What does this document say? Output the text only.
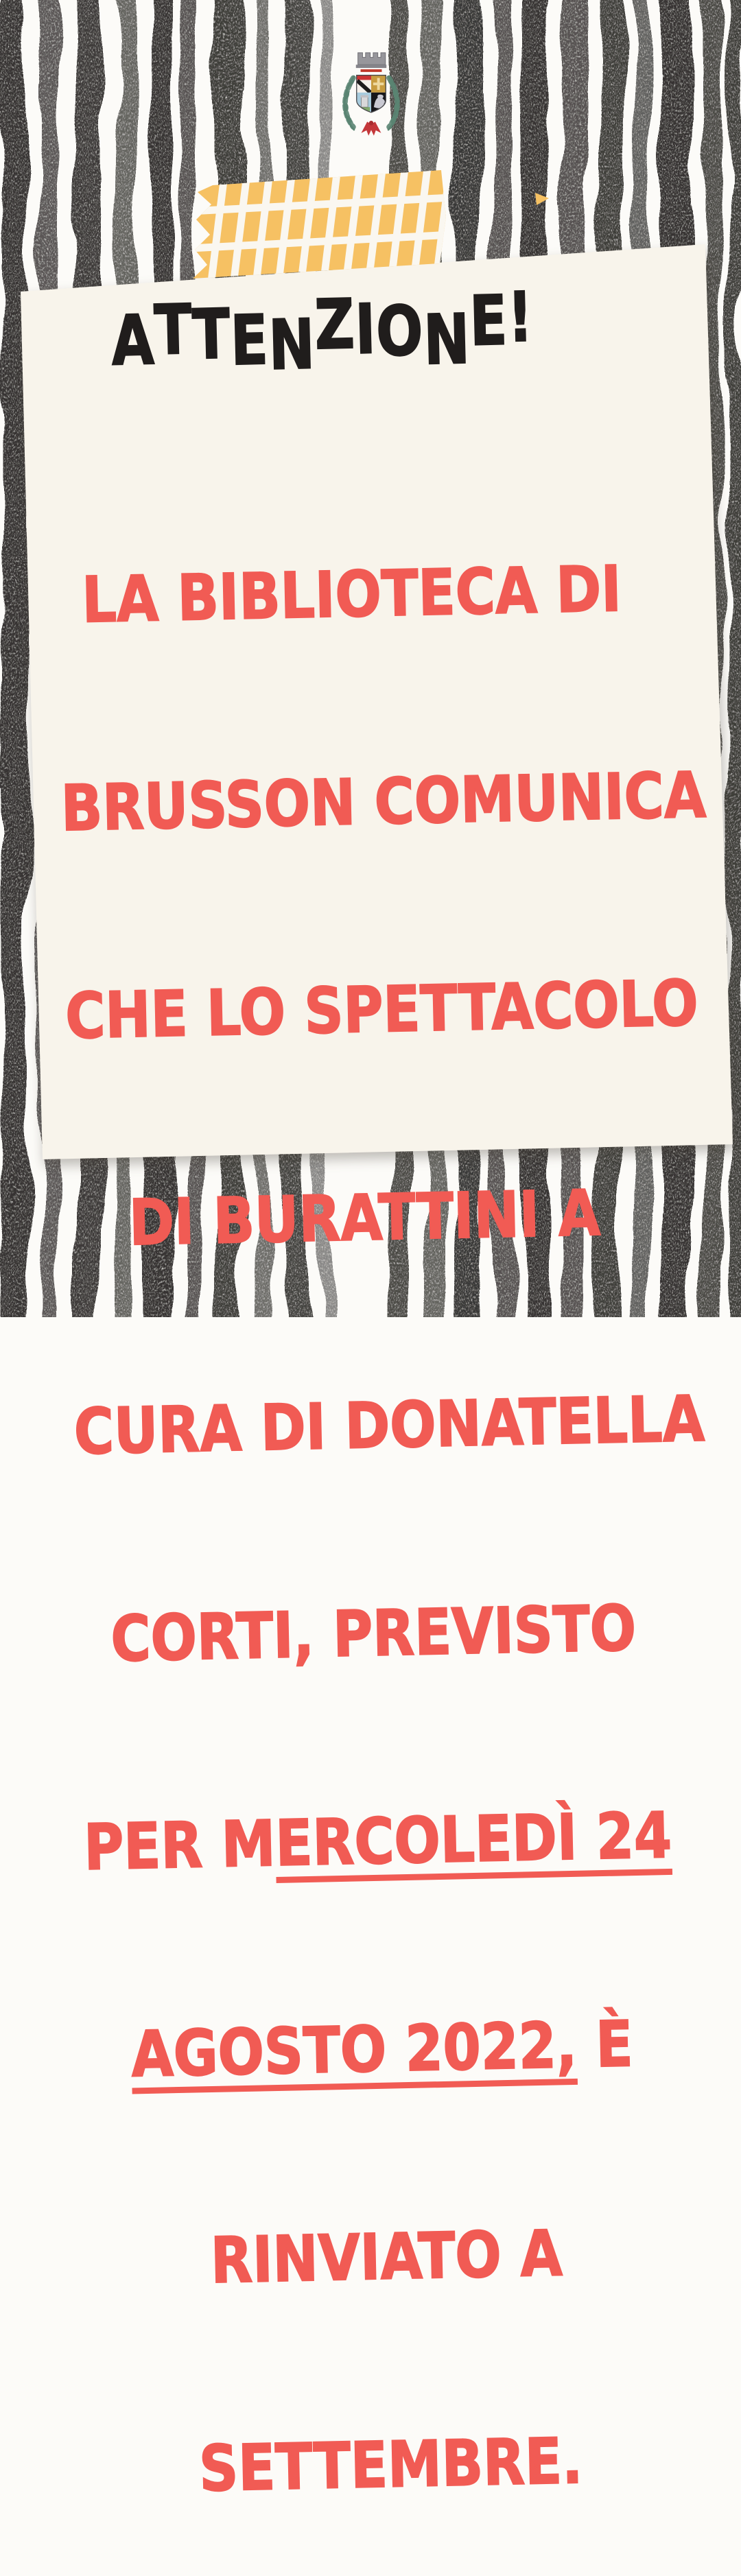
ATTENZIONE!

LA BIBLIOTECA DI

BRUSSON COMUNICA

CHE LO SPETTACOLO

DI BURATTINI A

CURA DI DONATELLA

CORTI, PREVISTO

PER MERCOLEDÌ 24

AGOSTO 2022, È

RINVIATO A

SETTEMBRE.
